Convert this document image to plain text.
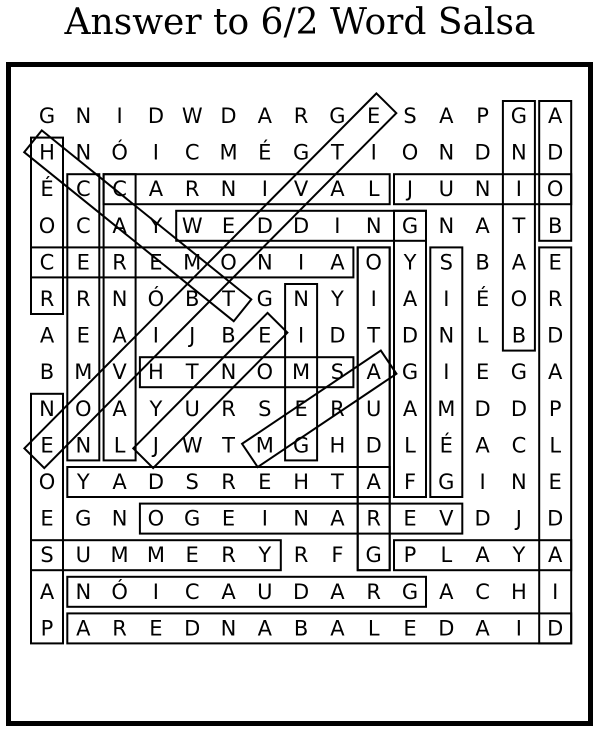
Answer to 6/2 Word Salsa
G N I D W D A R G E S A P G A
H N Ó I C M É G T I O N D N D
É C C A R N I V A L J U N I O
O C A Y W E D D I N G N A T B
C E R E M O N I A O Y S B A E
R R N Ó B T G N Y I A I É O R
A E A I J B E I D T D N L B D
B M V H T N O M S A G I E G A
N O A Y U R S E R U A M D D P
E N L J W T M G H D L É A C L
O Y A D S R E H T A F G I N E
E G N O G E I N A R E V D J D
S U M M E R Y R F G P L A Y A
A N Ó I C A U D A R G A C H I
P A R E D N A B A L E D A I D
